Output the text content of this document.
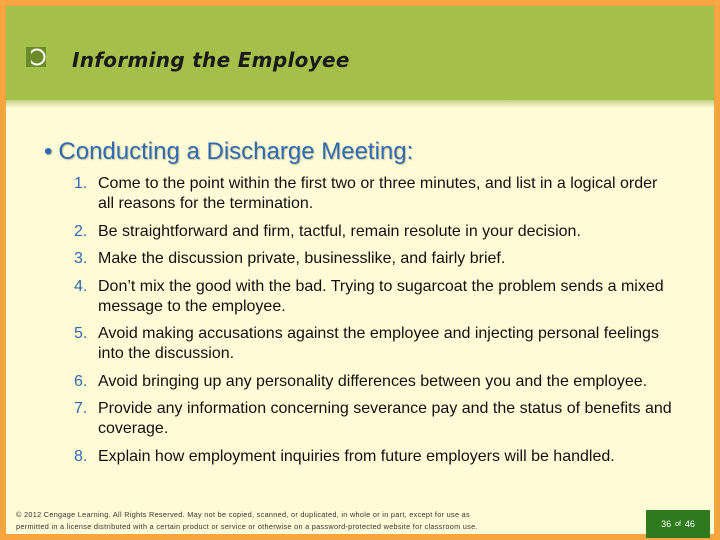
Informing the Employee
• Conducting a Discharge Meeting:
1. Come to the point within the first two or three minutes, and list in a logical order all reasons for the termination.
2. Be straightforward and firm, tactful, remain resolute in your decision.
3. Make the discussion private, businesslike, and fairly brief.
4. Don’t mix the good with the bad. Trying to sugarcoat the problem sends a mixed message to the employee.
5. Avoid making accusations against the employee and injecting personal feelings into the discussion.
6. Avoid bringing up any personality differences between you and the employee.
7. Provide any information concerning severance pay and the status of benefits and coverage.
8. Explain how employment inquiries from future employers will be handled.
© 2012 Cengage Learning. All Rights Reserved. May not be copied, scanned, or duplicated, in whole or in part, except for use as
permitted in a license distributed with a certain product or service or otherwise on a password-protected website for classroom use.	36 of 46
